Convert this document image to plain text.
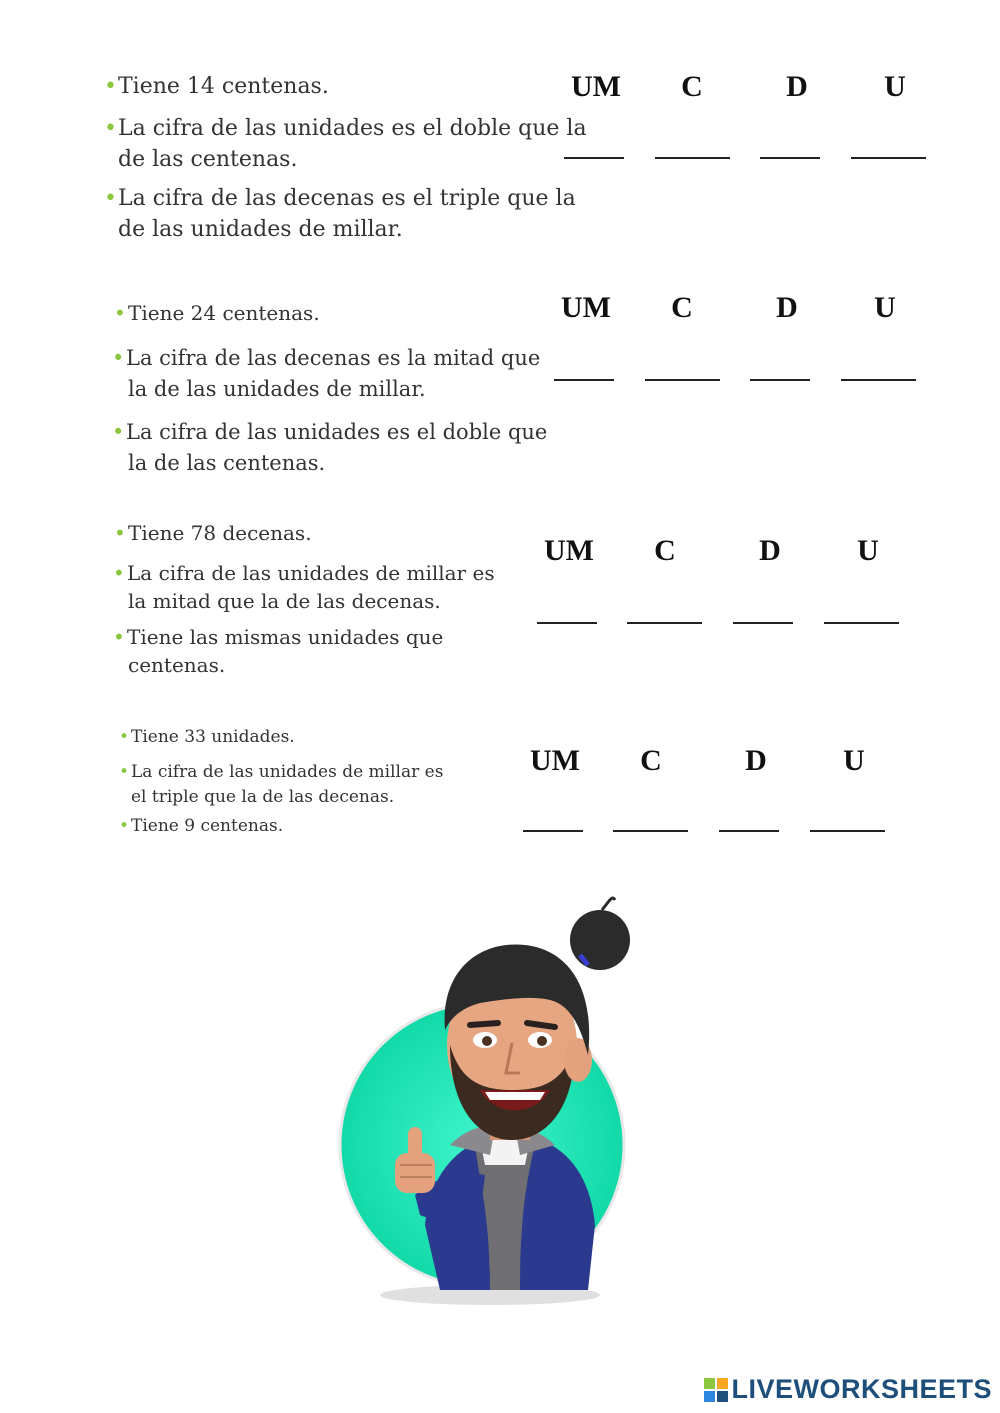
• Tiene 14 centenas.
• La cifra de las unidades es el doble que la
de las centenas.
• La cifra de las decenas es el triple que la
de las unidades de millar.
UM C	D	U
• Tiene 24 centenas.
• La cifra de las decenas es la mitad que
la de las unidades de millar.
• La cifra de las unidades es el doble que
la de las centenas.
UM C	D	U
• Tiene 78 decenas.
• La cifra de las unidades de millar es
la mitad que la de las decenas.
• Tiene las mismas unidades que
centenas.
UM C	D	U
• Tiene 33 unidades.
• La cifra de las unidades de millar es
el triple que la de las decenas.
• Tiene 9 centenas.
UM C	D	U
LIVEWORKSHEETS
